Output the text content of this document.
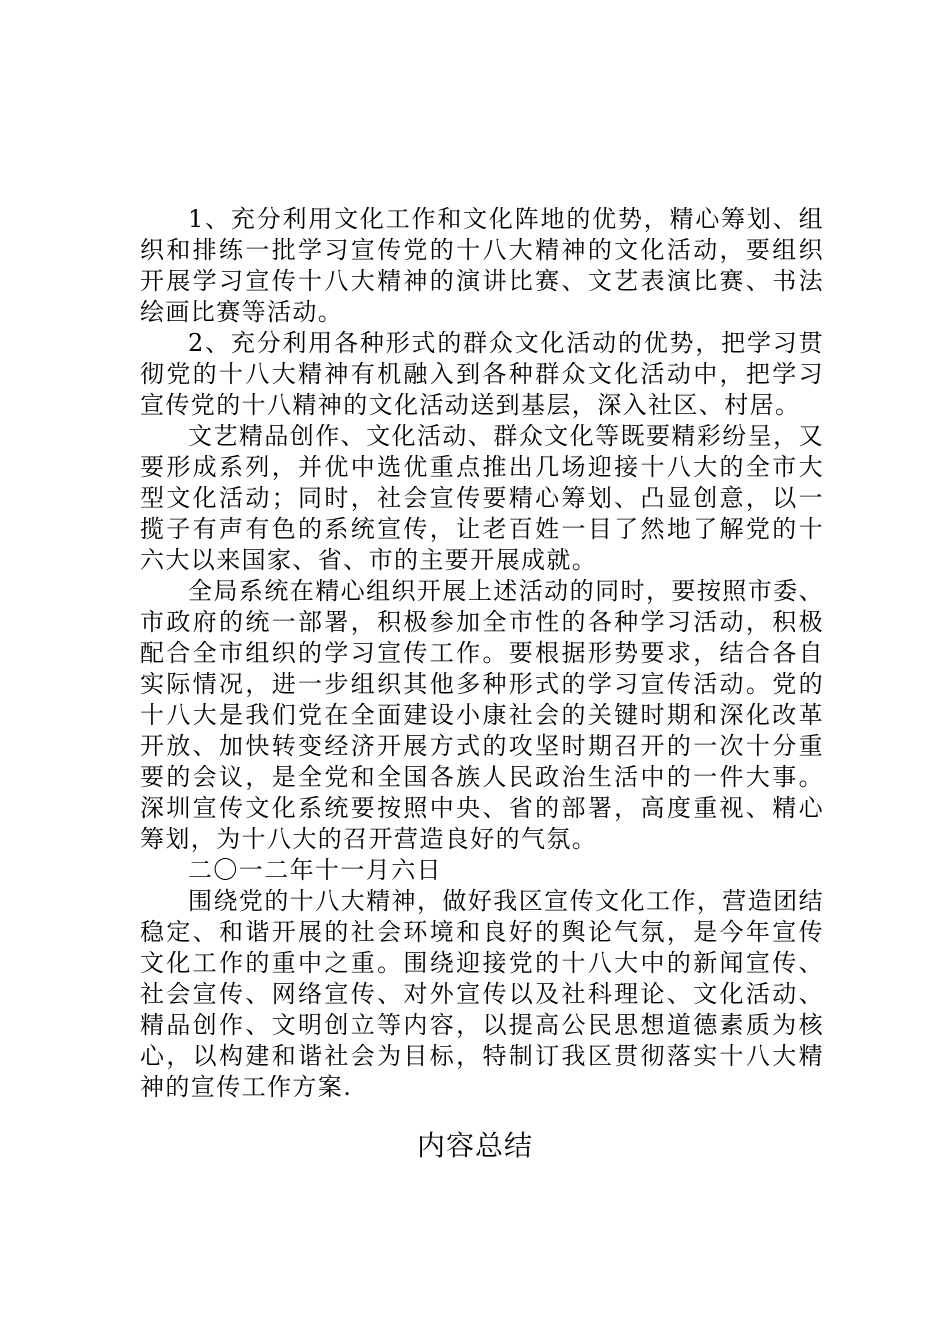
1、充分利用文化工作和文化阵地的优势，精心筹划、组织和排练一批学习宣传党的十八大精神的文化活动，要组织开展学习宣传十八大精神的演讲比赛、文艺表演比赛、书法绘画比赛等活动。

2、充分利用各种形式的群众文化活动的优势，把学习贯彻党的十八大精神有机融入到各种群众文化活动中，把学习宣传党的十八精神的文化活动送到基层，深入社区、村居。

文艺精品创作、文化活动、群众文化等既要精彩纷呈，又要形成系列，并优中选优重点推出几场迎接十八大的全市大型文化活动；同时，社会宣传要精心筹划、凸显创意，以一揽子有声有色的系统宣传，让老百姓一目了然地了解党的十六大以来国家、省、市的主要开展成就。

全局系统在精心组织开展上述活动的同时，要按照市委、市政府的统一部署，积极参加全市性的各种学习活动，积极配合全市组织的学习宣传工作。要根据形势要求，结合各自实际情况，进一步组织其他多种形式的学习宣传活动。党的十八大是我们党在全面建设小康社会的关键时期和深化改革开放、加快转变经济开展方式的攻坚时期召开的一次十分重要的会议，是全党和全国各族人民政治生活中的一件大事。深圳宣传文化系统要按照中央、省的部署，高度重视、精心筹划，为十八大的召开营造良好的气氛。

二〇一二年十一月六日

围绕党的十八大精神，做好我区宣传文化工作，营造团结稳定、和谐开展的社会环境和良好的舆论气氛，是今年宣传文化工作的重中之重。围绕迎接党的十八大中的新闻宣传、社会宣传、网络宣传、对外宣传以及社科理论、文化活动、精品创作、文明创立等内容，以提高公民思想道德素质为核心，以构建和谐社会为目标，特制订我区贯彻落实十八大精神的宣传工作方案.

内容总结
